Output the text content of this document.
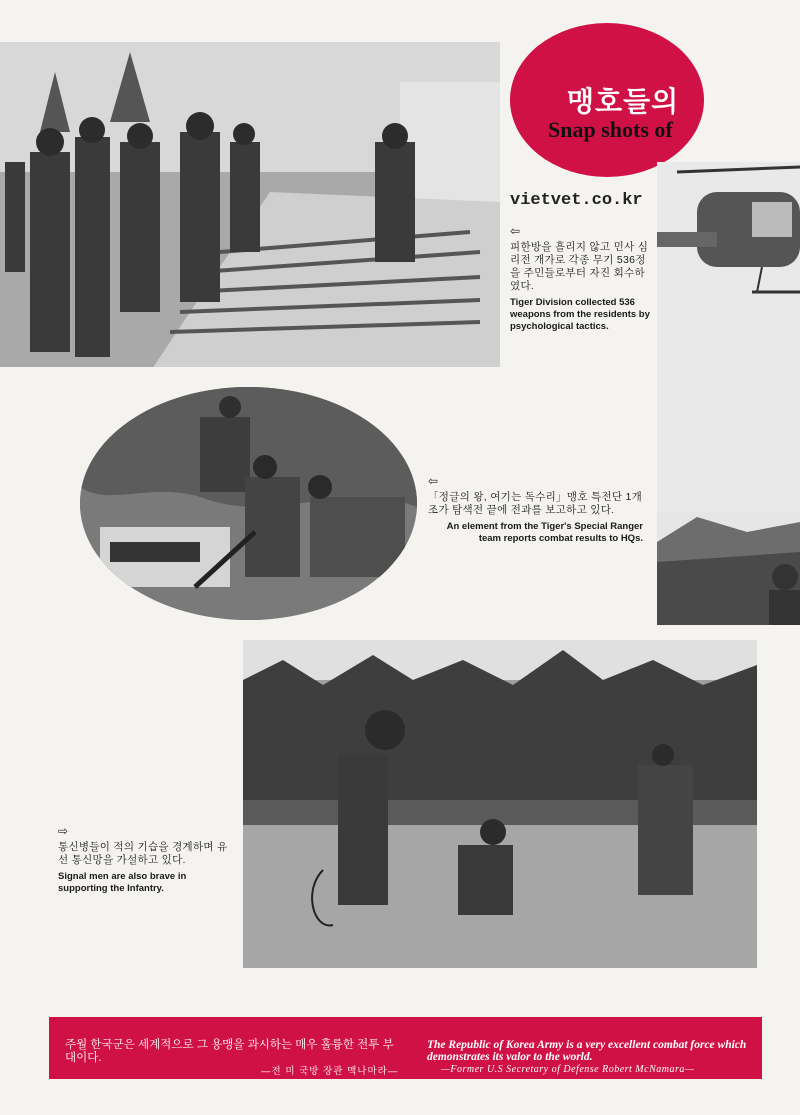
맹호들의
Snap shots of
vietvet.co.kr
⇦
피한방을 흘리지 않고 민사 심리전 개가로 각종 무기 536정을 주민들로부터 자진 회수하였다.
Tiger Division collected 536 weapons from the residents by psychological tactics.
⇦
「정글의 왕, 여기는 독수리」맹호 특전단 1개 조가 탐색전 끝에 전과를 보고하고 있다.
An element from the Tiger's Special Ranger team reports combat results to HQs.
⇨
통신병들이 적의 기습을 경계하며 유선 통신망을 가설하고 있다.
Signal men are also brave in supporting the Infantry.
주월 한국군은 세계적으로 그 용맹을 과시하는 매우 훌륭한 전투 부대이다.
—전 미 국방 장관 맥나마라—
The Republic of Korea Army is a very excellent combat force which demonstrates its valor to the world.
—Former U.S Secretary of Defense Robert McNamara—
